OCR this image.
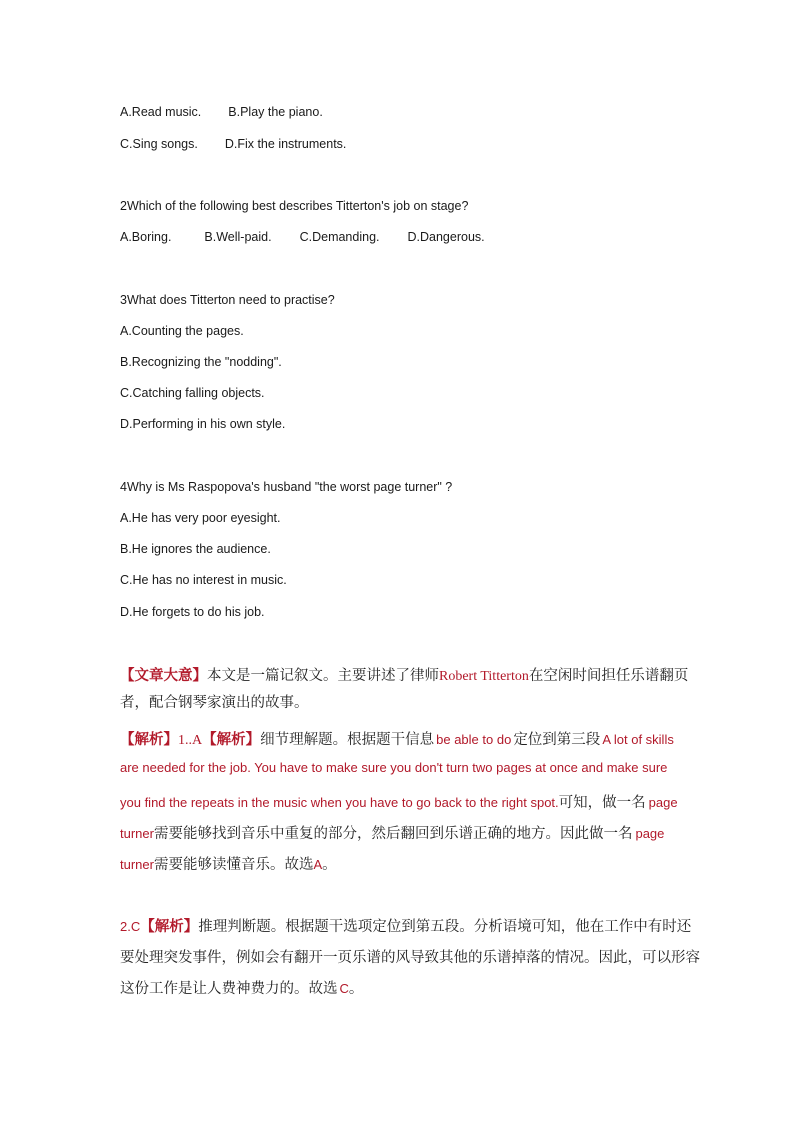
A.Read music. B.Play the piano.
C.Sing songs. D.Fix the instruments.
2Which of the following best describes Titterton's job on stage?
A.Boring.	B.Well-paid. C.Demanding. D.Dangerous.
3What does Titterton need to practise?
A.Counting the pages.
B.Recognizing the "nodding".
C.Catching falling objects.
D.Performing in his own style.
4Why is Ms Raspopova's husband "the worst page turner" ?
A.He has very poor eyesight.
B.He ignores the audience.
C.He has no interest in music.
D.He forgets to do his job.
【文章大意】本文是一篇记叙文。主要讲述了律师Robert Titterton在空闲时间担任乐谱翻页
者，配合钢琴家演出的故事。
【解析】1..A【解析】细节理解题。根据题干信息 be able to do 定位到第三段 A lot of skills
are needed for the job. You have to make sure you don't turn two pages at once and make sure
you find the repeats in the music when you have to go back to the right spot.可知，做一名 page
turner需要能够找到音乐中重复的部分，然后翻回到乐谱正确的地方。因此做一名 page
turner需要能够读懂音乐。故选A。
2.C【解析】推理判断题。根据题干选项定位到第五段。分析语境可知，他在工作中有时还
要处理突发事件，例如会有翻开一页乐谱的风导致其他的乐谱掉落的情况。因此，可以形容
这份工作是让人费神费力的。故选 C。
